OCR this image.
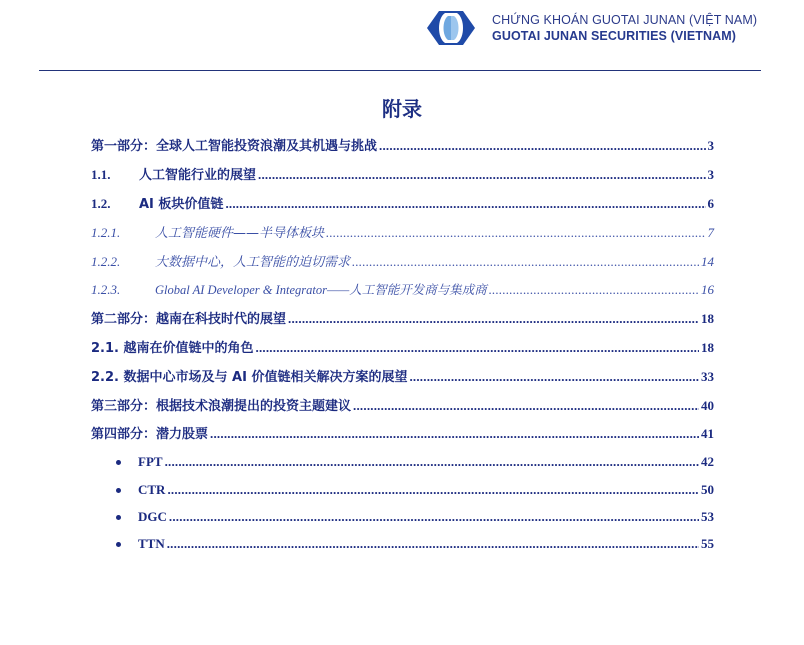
CHỨNG KHOÁN GUOTAI JUNAN (VIỆT NAM)
GUOTAI JUNAN SECURITIES (VIETNAM)
附录
第一部分：全球人工智能投资浪潮及其机遇与挑战 .....	3
1.1.	人工智能行业的展望 .....	3
1.2.	AI 板块价值链 .....	6
1.2.1.	人工智能硬件——半导体板块 .....	7
1.2.2.	大数据中心，人工智能的迫切需求 .....	14
1.2.3.	Global AI Developer & Integrator——人工智能开发商与集成商 .....	16
第二部分：越南在科技时代的展望 .....	18
2.1. 越南在价值链中的角色 .....	18
2.2. 数据中心市场及与 AI 价值链相关解决方案的展望 .....	33
第三部分：根据技术浪潮提出的投资主题建议 .....	40
第四部分：潜力股票 .....	41
FPT .....	42
CTR .....	50
DGC .....	53
TTN .....	55
